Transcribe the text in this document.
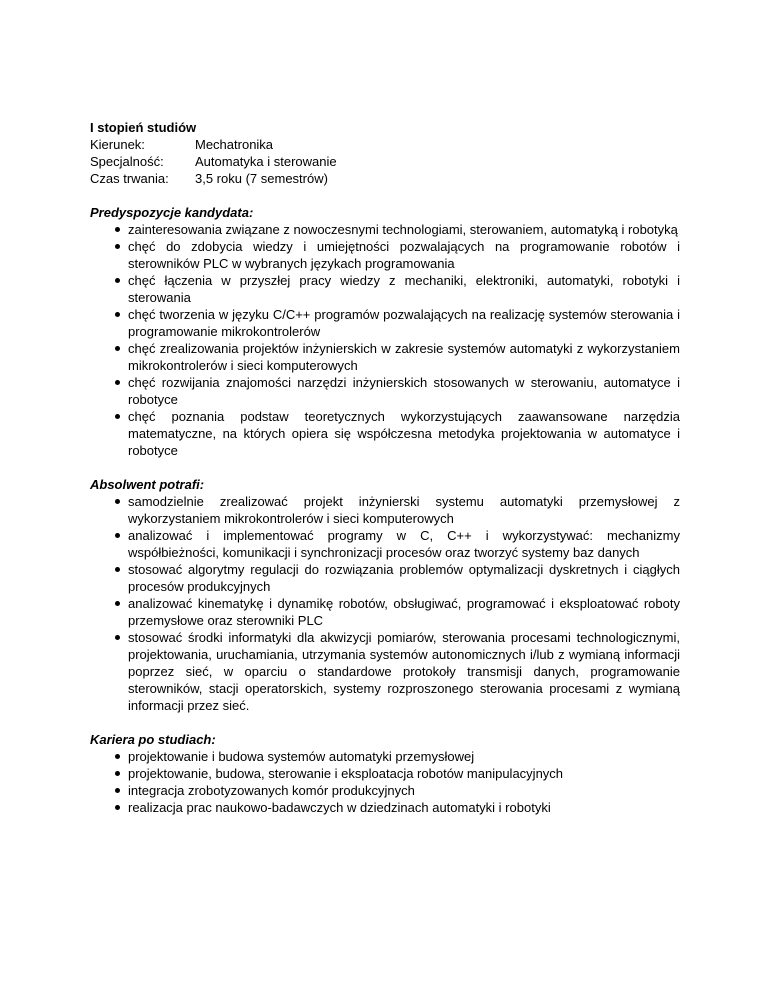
I stopień studiów

Kierunek:	Mechatronika
Specjalność:	Automatyka i sterowanie
Czas trwania:	3,5 roku (7 semestrów)

Predyspozycje kandydata:

zainteresowania związane z nowoczesnymi technologiami, sterowaniem, automatyką i robotyką
chęć do zdobycia wiedzy i umiejętności pozwalających na programowanie robotów i sterowników PLC w wybranych językach programowania
chęć łączenia w przyszłej pracy wiedzy z mechaniki, elektroniki, automatyki, robotyki i sterowania
chęć tworzenia w języku C/C++ programów pozwalających na realizację systemów sterowania i programowanie mikrokontrolerów
chęć zrealizowania projektów inżynierskich w zakresie systemów automatyki z wykorzystaniem mikrokontrolerów i sieci komputerowych
chęć rozwijania znajomości narzędzi inżynierskich stosowanych w sterowaniu, automatyce i robotyce
chęć poznania podstaw teoretycznych wykorzystujących zaawansowane narzędzia matematyczne, na których opiera się współczesna metodyka projektowania w automatyce i robotyce

Absolwent potrafi:

samodzielnie zrealizować projekt inżynierski systemu automatyki przemysłowej z wykorzystaniem mikrokontrolerów i sieci komputerowych
analizować i implementować programy w C, C++ i wykorzystywać: mechanizmy współbieżności, komunikacji i synchronizacji procesów oraz tworzyć systemy baz danych
stosować algorytmy regulacji do rozwiązania problemów optymalizacji dyskretnych i ciągłych procesów produkcyjnych
analizować kinematykę i dynamikę robotów, obsługiwać, programować i eksploatować roboty przemysłowe oraz sterowniki PLC
stosować środki informatyki dla akwizycji pomiarów, sterowania procesami technologicznymi, projektowania, uruchamiania, utrzymania systemów autonomicznych i/lub z wymianą informacji poprzez sieć, w oparciu o standardowe protokoły transmisji danych, programowanie sterowników, stacji operatorskich, systemy rozproszonego sterowania procesami z wymianą informacji przez sieć.

Kariera po studiach:

projektowanie i budowa systemów automatyki przemysłowej
projektowanie, budowa, sterowanie i eksploatacja robotów manipulacyjnych
integracja zrobotyzowanych komór produkcyjnych
realizacja prac naukowo-badawczych w dziedzinach automatyki i robotyki
